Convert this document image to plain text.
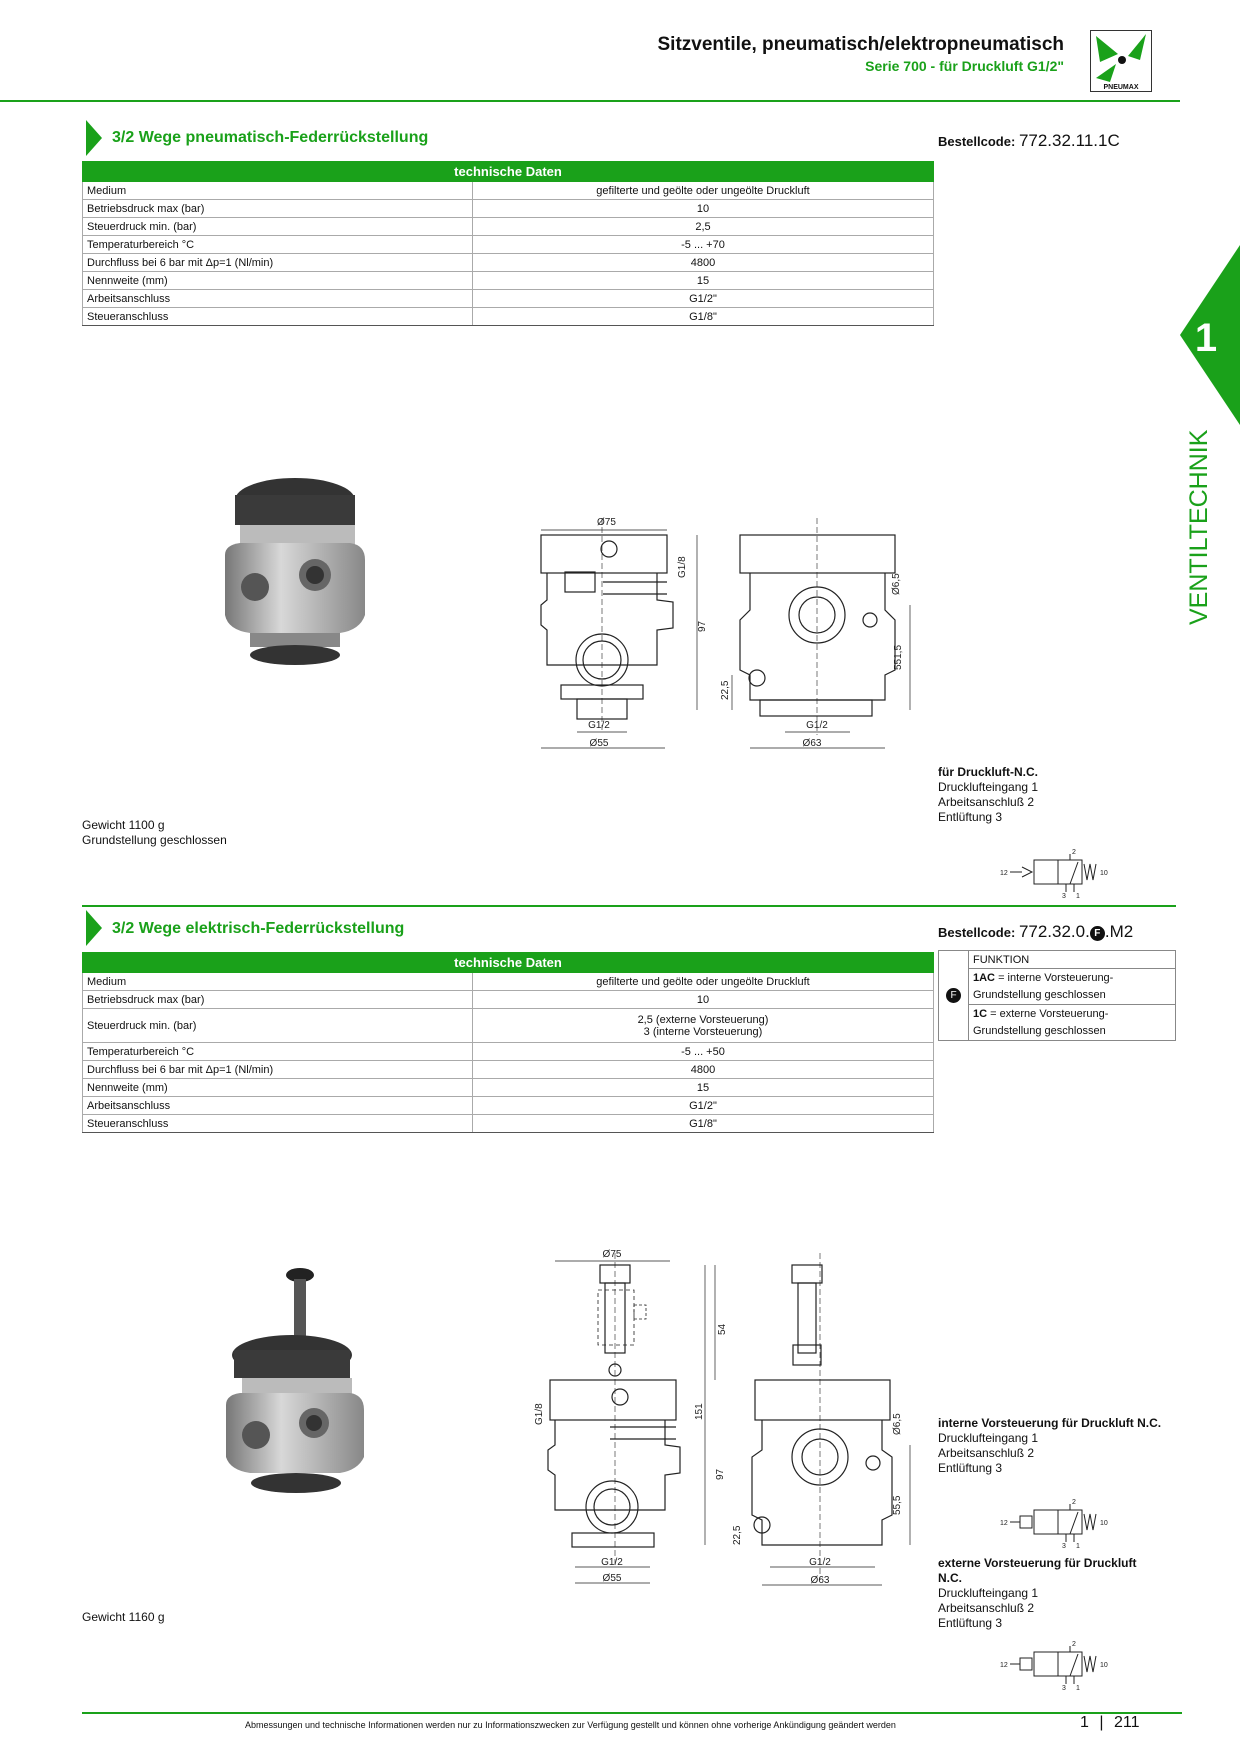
Sitzventile, pneumatisch/elektropneumatisch
Serie 700 - für Druckluft G1/2"
PNEUMAX
1
VENTILTECHNIK
3/2 Wege pneumatisch-Federrückstellung	Bestellcode: 772.32.11.1C
technische Daten	
Medium	gefilterte und geölte oder ungeölte Druckluft
Betriebsdruck max (bar)	10
Steuerdruck min. (bar)	2,5
Temperaturbereich °C	-5 ... +70
Durchfluss bei 6 bar mit Δp=1 (Nl/min)	4800
Nennweite (mm)	15
Arbeitsanschluss	G1/2"
Steueranschluss	G1/8"
Ø75
G1/8
97
Ø6,5
551,5
22,5
G1/2
Ø55
G1/2
Ø63
Gewicht 1100 g
Grundstellung geschlossen
für Druckluft-N.C.
Drucklufteingang 1
Arbeitsanschluß 2
Entlüftung 3
12	10
2
3 1
3/2 Wege elektrisch-Federrückstellung	Bestellcode: 772.32.0. F .M2
technische Daten	
Medium	gefilterte und geölte oder ungeölte Druckluft
Betriebsdruck max (bar)	10
Steuerdruck min. (bar)	2,5 (externe Vorsteuerung)
3 (interne Vorsteuerung)

Temperaturbereich °C	-5 ... +50
Durchfluss bei 6 bar mit Δp=1 (Nl/min)	4800
Nennweite (mm)	15
Arbeitsanschluss	G1/2"
Steueranschluss	G1/8"
F	FUNKTION
1AC = interne Vorsteuerung-
Grundstellung geschlossen
1C = externe Vorsteuerung-
Grundstellung geschlossen
Ø75
G1/8
54
151
97
Ø6,5
55,5
22,5
G1/2
Ø55
G1/2
Ø63
interne Vorsteuerung für Druckluft N.C.
Drucklufteingang 1
Arbeitsanschluß 2
Entlüftung 3
12	10
2
3 1
externe Vorsteuerung für Druckluft
N.C.
Drucklufteingang 1
Arbeitsanschluß 2
Entlüftung 3
12	10
2
3 1
Gewicht 1160 g
Abmessungen und technische Informationen werden nur zu Informationszwecken zur Verfügung gestellt und können ohne vorherige Ankündigung geändert werden	1 | 211
